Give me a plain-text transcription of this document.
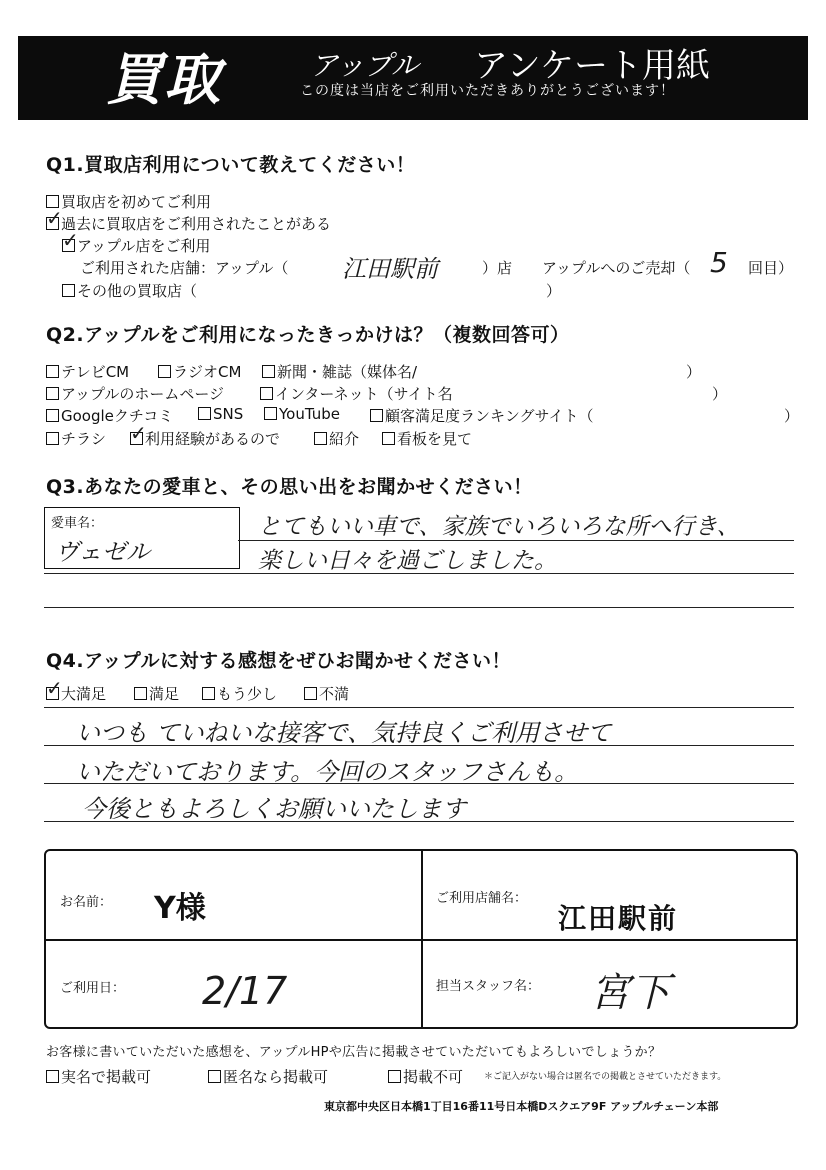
買取	アップル アンケート用紙
この度は当店をご利用いただきありがとうございます！
Q1.買取店利用について教えてください！
買取店を初めてご利用
✓過去に買取店をご利用されたことがある
✓アップル店をご利用
ご利用された店舗：アップル（ 江田駅前	）店 アップルへのご売却（ 5 回目）
その他の買取店（	）
Q2.アップルをご利用になったきっかけは？（複数回答可）
テレビCM	ラジオCM	新聞・雑誌（媒体名/	）
アップルのホームページ	インターネット（サイト名	）
Googleクチコミ	SNS	YouTube	顧客満足度ランキングサイト（	）
チラシ
✓	利用経験があるので	紹介	看板を見て
Q3.あなたの愛車と、その思い出をお聞かせください！
愛車名：
ヴェゼル
とてもいい車で、家族でいろいろな所へ行き、
楽しい日々を過ごしました。
Q4.アップルに対する感想をぜひお聞かせください！
✓大満足	満足	もう少し	不満
いつも ていねいな接客で、気持良くご利用させて
いただいております。今回のスタッフさんも。
今後ともよろしくお願いいたします
お名前： Y様	ご利用店舗名：
江田駅前
ご利用日： 2/17	担当スタッフ名： 宮下
お客様に書いていただいた感想を、アップルHPや広告に掲載させていただいてもよろしいでしょうか？
実名で掲載可	匿名なら掲載可	掲載不可 ＊ご記入がない場合は匿名での掲載とさせていただきます。
東京都中央区日本橋1丁目16番11号日本橋Dスクエア9F アップルチェーン本部
